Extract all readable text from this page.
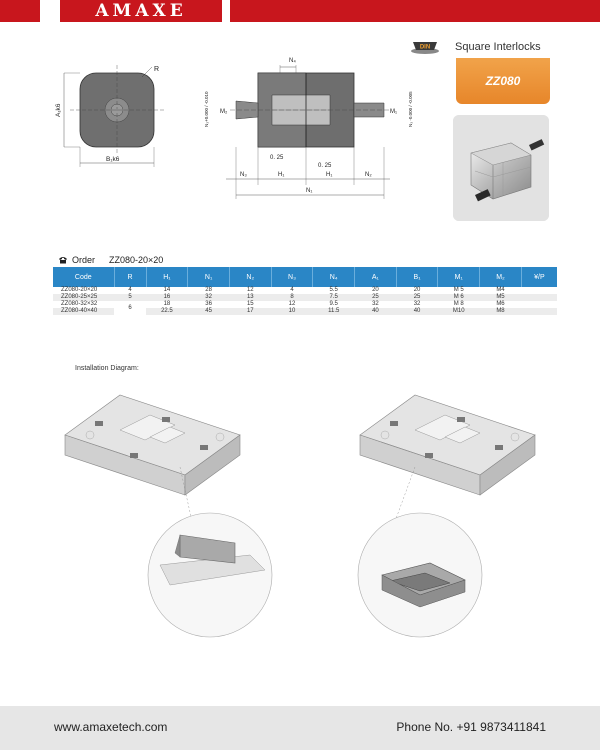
AMAXE
DIN Square Interlocks
ZZ080
R
A₁k6
B₁k6
N₄
M₂	M₁
N₃+0.000 / -0.010	N₃ -0.000 / -0.005
0. 25
0. 25
N₃	H₁	H₁	N₂
N₁
Order ZZ080-20×20
Code	R	H₁	N₁	N₂	N₃	N₄	A₁	B₁	M₁	M₂	¥/P
ZZ080-20×20	4	14	28	12	4	5.5	20	20	M 5	M4	
ZZ080-25×25	5	16	32	13	8	7.5	25	25	M 6	M5	
ZZ080-32×32	6	18	36	15	12	9.5	32	32	M 8	M6	
ZZ080-40×40		22.5	45	17	10	11.5	40	40	M10	M8	
Installation Diagram:
www.amaxetech.com	Phone No. +91 9873411841
